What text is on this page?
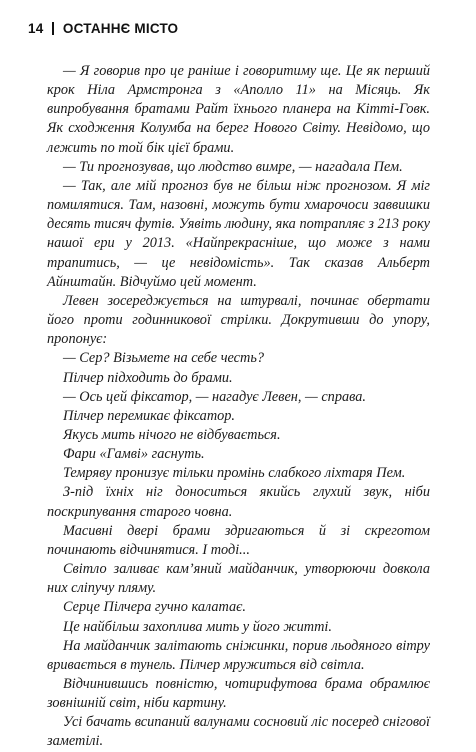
14 ОСТАННЄ МІСТО

— Я говорив про це раніше і говоритиму ще. Це як перший крок Ніла Армстронга з «Аполло 11» на Місяць. Як випробування братами Райт їхнього планера на Кітті-Говк. Як сходження Колумба на берег Нового Світу. Невідомо, що лежить по той бік цієї брами.

— Ти прогнозував, що людство вимре, — нагадала Пем.

— Так, але мій прогноз був не більш ніж прогнозом. Я міг помилятися. Там, назовні, можуть бути хмарочоси заввишки десять тисяч футів. Уявіть людину, яка потрапляє з 213 року нашої ери у 2013. «Найпрекрасніше, що може з нами трапитись, — це невідомість». Так сказав Альберт Айнштайн. Відчуймо цей момент.

Левен зосереджується на штурвалі, починає обертати його проти годинникової стрілки. Докрутивши до упору, пропонує:

— Сер? Візьмете на себе честь?

Пілчер підходить до брами.

— Ось цей фіксатор, — нагадує Левен, — справа.

Пілчер перемикає фіксатор.

Якусь мить нічого не відбувається.

Фари «Гамві» гаснуть.

Темряву пронизує тільки промінь слабкого ліхтаря Пем.

З-під їхніх ніг доноситься якийсь глухий звук, ніби поскрипування старого човна.

Масивні двері брами здригаються й зі скреготом починають відчинятися. І тоді...

Світло заливає кам’яний майданчик, утворюючи довкола них сліпучу пляму.

Серце Пілчера гучно калатає.

Це найбільш захоплива мить у його житті.

На майданчик залітають сніжинки, порив льодяного вітру вривається в тунель. Пілчер мружиться від світла.

Відчинившись повністю, чотирифутова брама обрамлює зовнішній світ, ніби картину.

Усі бачать всипаний валунами сосновий ліс посеред снігової заметілі.
